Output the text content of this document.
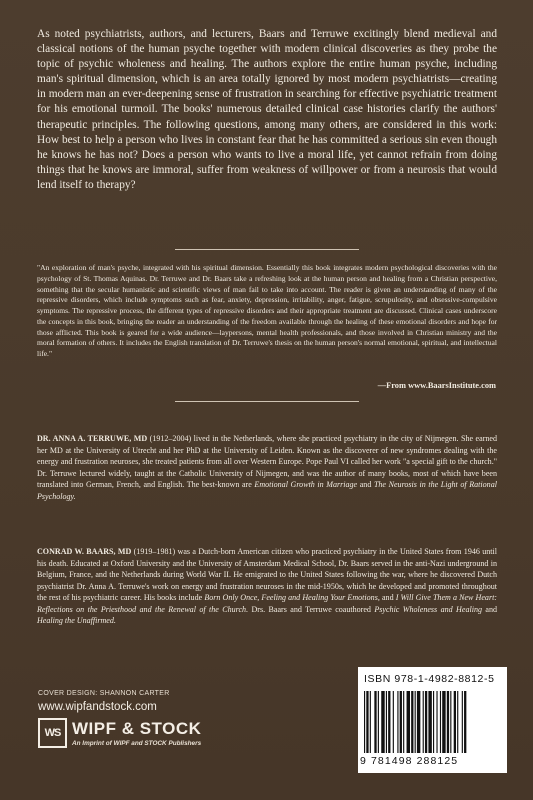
As noted psychiatrists, authors, and lecturers, Baars and Terruwe excitingly blend medieval and classical notions of the human psyche together with modern clinical discoveries as they probe the topic of psychic wholeness and healing. The authors explore the entire human psyche, including man's spiritual dimension, which is an area totally ignored by most modern psychiatrists—creating in modern man an ever-deepening sense of frustration in searching for effective psychiatric treatment for his emotional turmoil. The books' numerous detailed clinical case histories clarify the authors' therapeutic principles. The following questions, among many others, are considered in this work: How best to help a person who lives in constant fear that he has committed a serious sin even though he knows he has not? Does a person who wants to live a moral life, yet cannot refrain from doing things that he knows are immoral, suffer from weakness of willpower or from a neurosis that would lend itself to therapy?

"An exploration of man's psyche, integrated with his spiritual dimension. Essentially this book integrates modern psychological discoveries with the psychology of St. Thomas Aquinas. Dr. Terruwe and Dr. Baars take a refreshing look at the human person and healing from a Christian perspective, something that the secular humanistic and scientific views of man fail to take into account. The reader is given an understanding of many of the repressive disorders, which include symptoms such as fear, anxiety, depression, irritability, anger, fatigue, scrupulosity, and obsessive-compulsive symptoms. The repressive process, the different types of repressive disorders and their appropriate treatment are discussed. Clinical cases underscore the concepts in this book, bringing the reader an understanding of the freedom available through the healing of these emotional disorders and hope for those afflicted. This book is geared for a wide audience—laypersons, mental health professionals, and those involved in Christian ministry and the moral formation of others. It includes the English translation of Dr. Terruwe's thesis on the human person's normal emotional, spiritual, and intellectual life."

—From www.BaarsInstitute.com

DR. ANNA A. TERRUWE, MD (1912–2004) lived in the Netherlands, where she practiced psychiatry in the city of Nijmegen. She earned her MD at the University of Utrecht and her PhD at the University of Leiden. Known as the discoverer of new syndromes dealing with the energy and frustration neuroses, she treated patients from all over Western Europe. Pope Paul VI called her work "a special gift to the church." Dr. Terruwe lectured widely, taught at the Catholic University of Nijmegen, and was the author of many books, most of which have been translated into German, French, and English. The best-known are Emotional Growth in Marriage and The Neurosis in the Light of Rational Psychology.

CONRAD W. BAARS, MD (1919–1981) was a Dutch-born American citizen who practiced psychiatry in the United States from 1946 until his death. Educated at Oxford University and the University of Amsterdam Medical School, Dr. Baars served in the anti-Nazi underground in Belgium, France, and the Netherlands during World War II. He emigrated to the United States following the war, where he discovered Dutch psychiatrist Dr. Anna A. Terruwe's work on energy and frustration neuroses in the mid-1950s, which he developed and promoted throughout the rest of his psychiatric career. His books include Born Only Once, Feeling and Healing Your Emotions, and I Will Give Them a New Heart: Reflections on the Priesthood and the Renewal of the Church. Drs. Baars and Terruwe coauthored Psychic Wholeness and Healing and Healing the Unaffirmed.

COVER DESIGN: SHANNON CARTER

www.wipfandstock.com

WS WIPF & STOCK

An Imprint of WIPF and STOCK Publishers

ISBN 978-1-4982-8812-5

9 781498 288125
